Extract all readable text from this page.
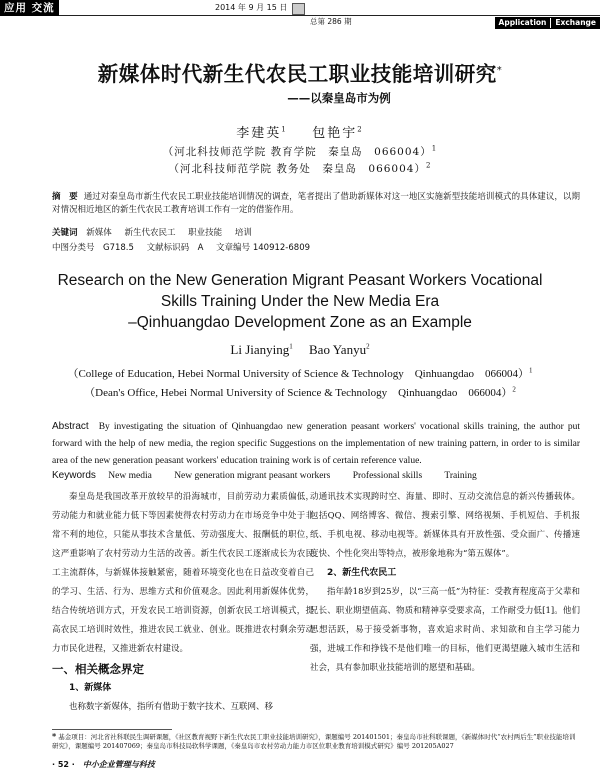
应用 交流	2014 年 9 月 15 日
总第 286 期	Application Exchange
新媒体时代新生代农民工职业技能培训研究*
——以秦皇岛市为例
李建英$^1$ 包艳宇$^2$
（河北科技师范学院 教育学院　秦皇岛　066004）$^1$
（河北科技师范学院 教务处　秦皇岛　066004）$^2$
摘　要 通过对秦皇岛市新生代农民工职业技能培训情况的调查，笔者提出了借助新媒体对这一地区实施新型技能培训模式的具体建议，以期对情况相近地区的新生代农民工教育培训工作有一定的借鉴作用。
关键词 新媒体 新生代农民工 职业技能 培训
中图分类号　G718.5 文献标识码　A 文章编号 140912-6809
Research on the New Generation Migrant Peasant Workers Vocational
Skills Training Under the New Media Era
–Qinhuangdao Development Zone as an Example
Li Jianying$^1$ Bao Yanyu$^2$
（College of Education, Hebei Normal University of Science & Technology　Qinhuangdao　066004）$^1$
（Dean's Office, Hebei Normal University of Science & Technology　Qinhuangdao　066004）$^2$
Abstract By investigating the situation of Qinhuangdao new generation peasant workers' vocational skills training, the author put forward with the help of new media, the region specific Suggestions on the implementation of new training pattern, in order to is similar area of the new generation peasant workers' education training work is of certain reference value.
Keywords New media New generation migrant peasant workers Professional skills Training

秦皇岛是我国改革开放较早的沿海城市，目前劳动力素质偏低，劳动能力和就业能力低下等因素使得农村劳动力在市场竞争中处于非常不利的地位，只能从事技术含量低、劳动强度大、报酬低的职位，这严重影响了农村劳动力生活的改善。新生代农民工逐渐成长为农民工主流群体，与新媒体接触紧密，随着环境变化也在日益改变着自己的学习、生活、行为、思维方式和价值观念。因此利用新媒体优势，结合传统培训方式，开发农民工培训资源，创新农民工培训模式，提高农民工培训时效性，推进农民工就业、创业。既推进农村剩余劳动力市民化进程，又推进新农村建设。

一、相关概念界定
1、新媒体

也称数字新媒体，指所有借助于数字技术、互联网、移

动通讯技术实现跨时空、海量、即时、互动交流信息的新兴传播载体。包括QQ、网络博客、微信、搜索引擎、网络视频、手机短信、手机报纸、手机电视、移动电视等。新媒体具有开放性强、受众面广、传播速度快、个性化突出等特点，被形象地称为“第五媒体”。

2、新生代农民工

指年龄18岁到25岁，以“三高一低”为特征：受教育程度高于父辈和兄长、职业期望值高、物质和精神享受要求高，工作耐受力低[1]。他们思想活跃，易于接受新事物，喜欢追求时尚、求知欲和自主学习能力强，进城工作和挣钱不是他们唯一的目标，他们更渴望融入城市生活和社会，具有参加职业技能培训的愿望和基础。

* 基金项目：河北省社科联民生调研课题，《社区教育视野下新生代农民工职业技能培训研究》，课题编号 201401501；秦皇岛市社科联课题，《新媒体时代“农村两后生”职业技能培训研究》，课题编号 201407069；秦皇岛市科技局软科学课题，《秦皇岛市农村劳动力能力市区位职业教育培训模式研究》编号 201205A027
· 52 · 中小企业管理与科技
